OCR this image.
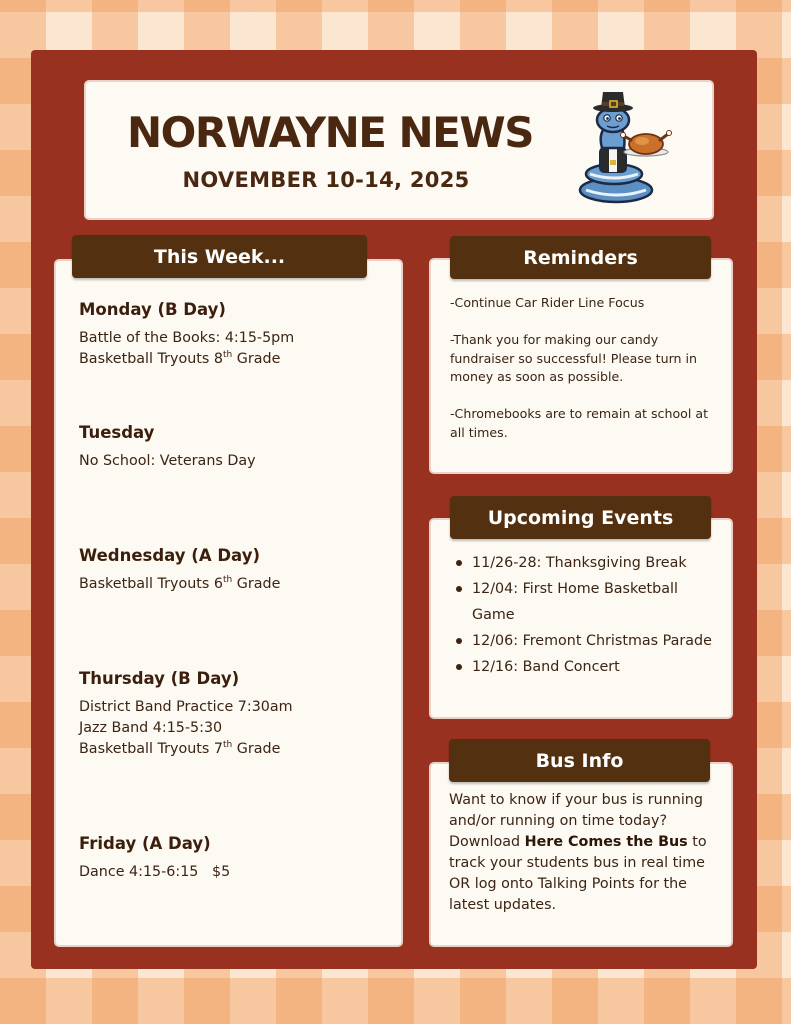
NORWAYNE NEWS
NOVEMBER 10-14, 2025
This Week...
Monday (B Day)
Battle of the Books: 4:15-5pm
Basketball Tryouts 8th Grade
Tuesday
No School: Veterans Day
Wednesday (A Day)
Basketball Tryouts 6th Grade
Thursday (B Day)
District Band Practice 7:30am
Jazz Band 4:15-5:30
Basketball Tryouts 7th Grade
Friday (A Day)
Dance 4:15-6:15   $5
Reminders

-Continue Car Rider Line Focus

-Thank you for making our candy fundraiser so successful! Please turn in money as soon as possible.

-Chromebooks are to remain at school at all times.

Upcoming Events
11/26-28: Thanksgiving Break
12/04: First Home Basketball Game
12/06: Fremont Christmas Parade
12/16: Band Concert
Bus Info
Want to know if your bus is running and/or running on time today?
Download Here Comes the Bus to track your students bus in real time OR log onto Talking Points for the latest updates.
